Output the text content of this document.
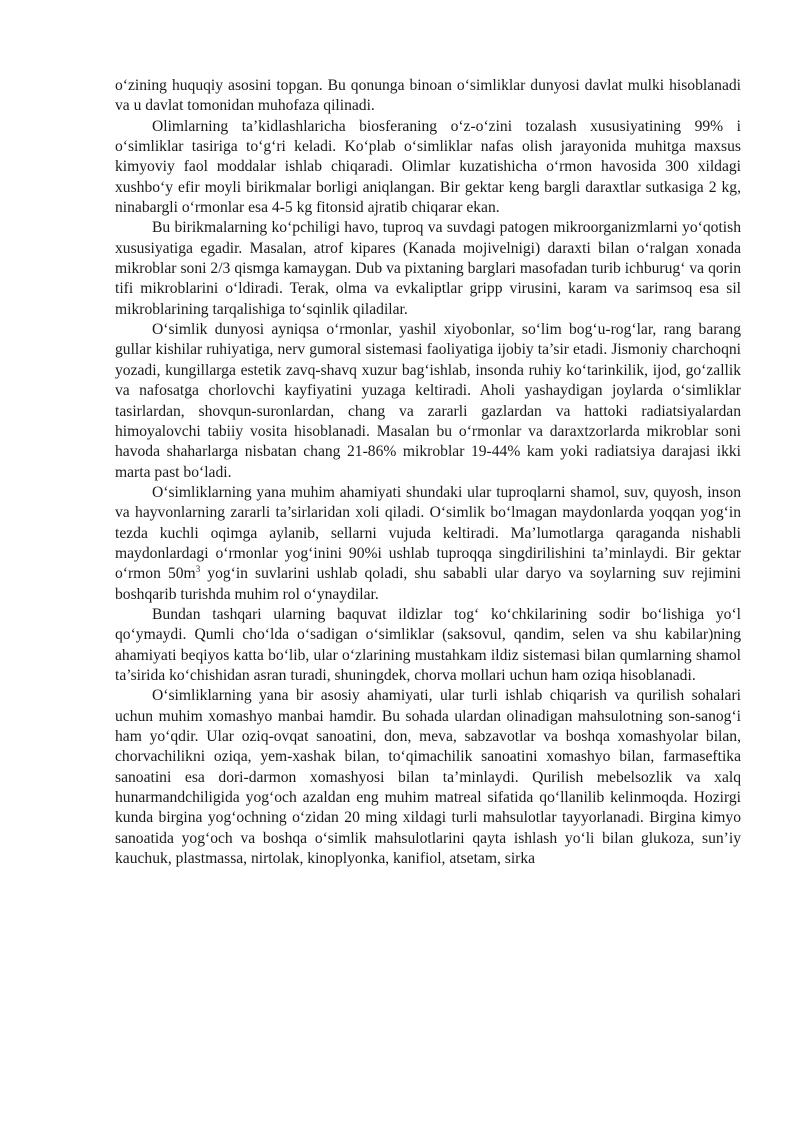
o‘zining huquqiy asosini topgan. Bu qonunga binoan o‘simliklar dunyosi davlat mulki hisoblanadi va u davlat tomonidan muhofaza qilinadi.

Olimlarning ta’kidlashlaricha biosferaning o‘z-o‘zini tozalash xususiyatining 99% i o‘simliklar tasiriga to‘g‘ri keladi. Ko‘plab o‘simliklar nafas olish jarayonida muhitga maxsus kimyoviy faol moddalar ishlab chiqaradi. Olimlar kuzatishicha o‘rmon havosida 300 xildagi xushbo‘y efir moyli birikmalar borligi aniqlangan. Bir gektar keng bargli daraxtlar sutkasiga 2 kg, ninabargli o‘rmonlar esa 4-5 kg fitonsid ajratib chiqarar ekan.

Bu birikmalarning ko‘pchiligi havo, tuproq va suvdagi patogen mikroorganizmlarni yo‘qotish xususiyatiga egadir. Masalan, atrof kipares (Kanada mojivelnigi) daraxti bilan o‘ralgan xonada mikroblar soni 2/3 qismga kamaygan. Dub va pixtaning barglari masofadan turib ichburug‘ va qorin tifi mikroblarini o‘ldiradi. Terak, olma va evkaliptlar gripp virusini, karam va sarimsoq esa sil mikroblarining tarqalishiga to‘sqinlik qiladilar.

O‘simlik dunyosi ayniqsa o‘rmonlar, yashil xiyobonlar, so‘lim bog‘u-rog‘lar, rang barang gullar kishilar ruhiyatiga, nerv gumoral sistemasi faoliyatiga ijobiy ta’sir etadi. Jismoniy charchoqni yozadi, kungillarga estetik zavq-shavq xuzur bag‘ishlab, insonda ruhiy ko‘tarinkilik, ijod, go‘zallik va nafosatga chorlovchi kayfiyatini yuzaga keltiradi. Aholi yashaydigan joylarda o‘simliklar tasirlardan, shovqun-suronlardan, chang va zararli gazlardan va hattoki radiatsiyalardan himoyalovchi tabiiy vosita hisoblanadi. Masalan bu o‘rmonlar va daraxtzorlarda mikroblar soni havoda shaharlarga nisbatan chang 21-86% mikroblar 19-44% kam yoki radiatsiya darajasi ikki marta past bo‘ladi.

O‘simliklarning yana muhim ahamiyati shundaki ular tuproqlarni shamol, suv, quyosh, inson va hayvonlarning zararli ta’sirlaridan xoli qiladi. O‘simlik bo‘lmagan maydonlarda yoqqan yog‘in tezda kuchli oqimga aylanib, sellarni vujuda keltiradi. Ma’lumotlarga qaraganda nishabli maydonlardagi o‘rmonlar yog‘inini 90%i ushlab tuproqqa singdirilishini ta’minlaydi. Bir gektar o‘rmon $50m^3$ yog‘in suvlarini ushlab qoladi, shu sababli ular daryo va soylarning suv rejimini boshqarib turishda muhim rol o‘ynaydilar.

Bundan tashqari ularning baquvat ildizlar tog‘ ko‘chkilarining sodir bo‘lishiga yo‘l qo‘ymaydi. Qumli cho‘lda o‘sadigan o‘simliklar (saksovul, qandim, selen va shu kabilar)ning ahamiyati beqiyos katta bo‘lib, ular o‘zlarining mustahkam ildiz sistemasi bilan qumlarning shamol ta’sirida ko‘chishidan asran turadi, shuningdek, chorva mollari uchun ham oziqa hisoblanadi.

O‘simliklarning yana bir asosiy ahamiyati, ular turli ishlab chiqarish va qurilish sohalari uchun muhim xomashyo manbai hamdir. Bu sohada ulardan olinadigan mahsulotning son-sanog‘i ham yo‘qdir. Ular oziq-ovqat sanoatini, don, meva, sabzavotlar va boshqa xomashyolar bilan, chorvachilikni oziqa, yem-xashak bilan, to‘qimachilik sanoatini xomashyo bilan, farmaseftika sanoatini esa dori-darmon xomashyosi bilan ta’minlaydi. Qurilish mebelsozlik va xalq hunarmandchiligida yog‘och azaldan eng muhim matreal sifatida qo‘llanilib kelinmoqda. Hozirgi kunda birgina yog‘ochning o‘zidan 20 ming xildagi turli mahsulotlar tayyorlanadi. Birgina kimyo sanoatida yog‘och va boshqa o‘simlik mahsulotlarini qayta ishlash yo‘li bilan glukoza, sun’iy kauchuk, plastmassa, nirtolak, kinoplyonka, kanifiol, atsetam, sirka
